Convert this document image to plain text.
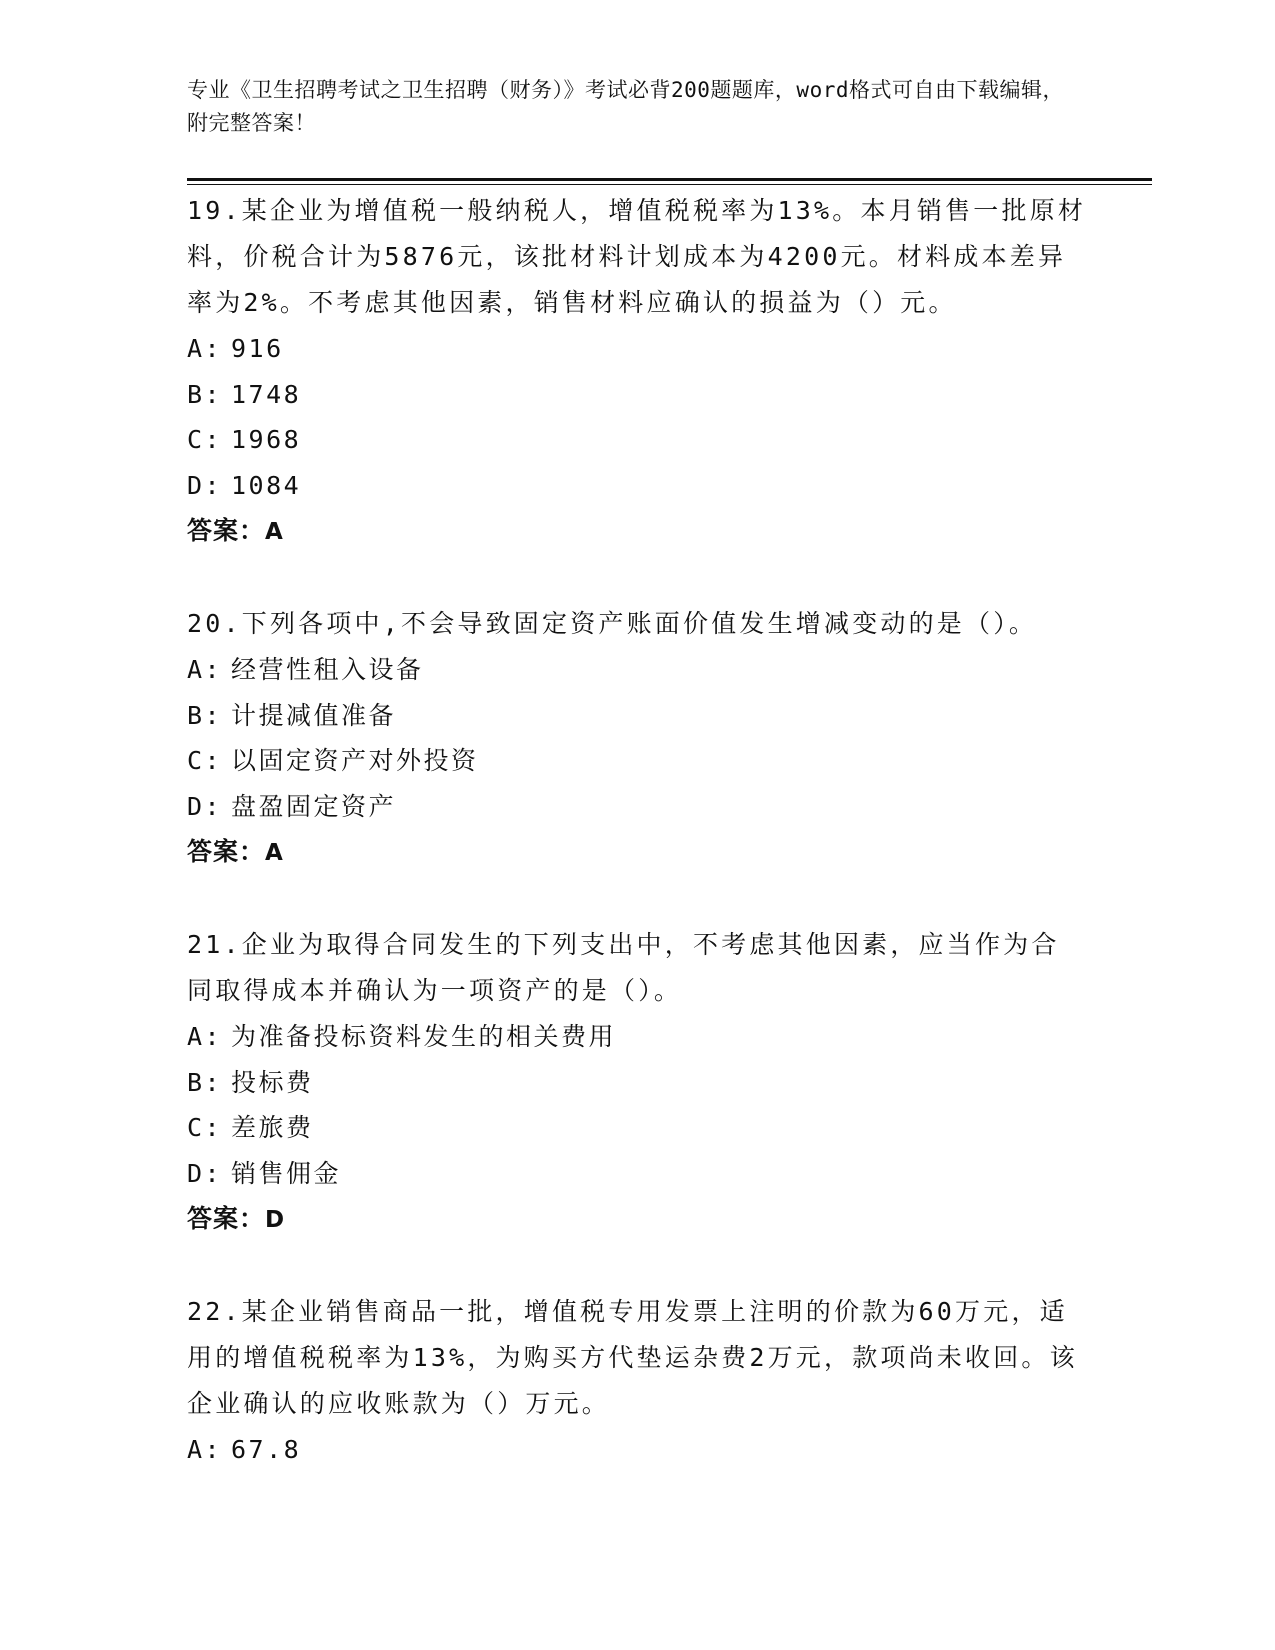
专业《卫生招聘考试之卫生招聘（财务）》考试必背200题题库，word格式可自由下载编辑，附完整答案！

19.某企业为增值税一般纳税人，增值税税率为13%。本月销售一批原材料，价税合计为5876元，该批材料计划成本为4200元。材料成本差异率为2%。不考虑其他因素，销售材料应确认的损益为（）元。

A: 916
B: 1748
C: 1968
D: 1084
答案：A

20.下列各项中,不会导致固定资产账面价值发生增减变动的是（）。

A: 经营性租入设备
B: 计提减值准备
C: 以固定资产对外投资
D: 盘盈固定资产
答案：A

21.企业为取得合同发生的下列支出中，不考虑其他因素，应当作为合同取得成本并确认为一项资产的是（）。

A: 为准备投标资料发生的相关费用
B: 投标费
C: 差旅费
D: 销售佣金
答案：D

22.某企业销售商品一批，增值税专用发票上注明的价款为60万元，适用的增值税税率为13%，为购买方代垫运杂费2万元，款项尚未收回。该企业确认的应收账款为（）万元。

A: 67.8
